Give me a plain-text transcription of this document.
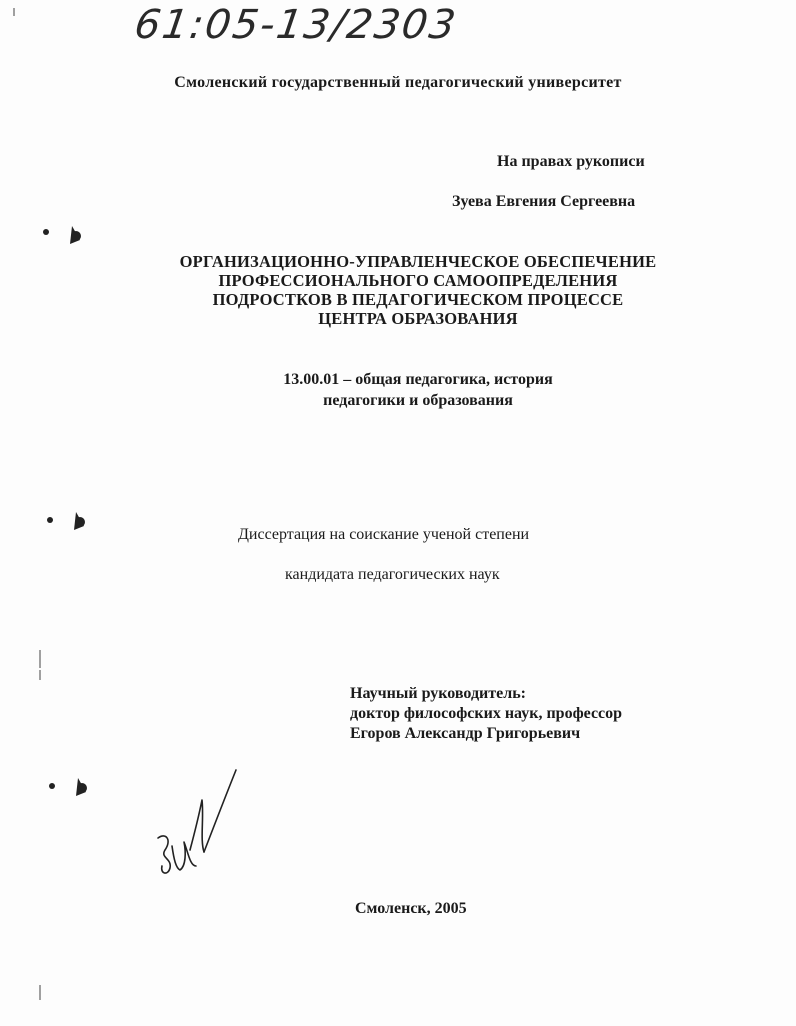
61:05-13/2303
Смоленский государственный педагогический университет
На правах рукописи
Зуева Евгения Сергеевна
ОРГАНИЗАЦИОННО-УПРАВЛЕНЧЕСКОЕ ОБЕСПЕЧЕНИЕ
ПРОФЕССИОНАЛЬНОГО САМООПРЕДЕЛЕНИЯ
ПОДРОСТКОВ В ПЕДАГОГИЧЕСКОМ ПРОЦЕССЕ
ЦЕНТРА ОБРАЗОВАНИЯ
13.00.01 – общая педагогика, история
педагогики и образования
Диссертация на соискание ученой степени
кандидата педагогических наук
Научный руководитель:
доктор философских наук, профессор
Егоров Александр Григорьевич
Смоленск, 2005
